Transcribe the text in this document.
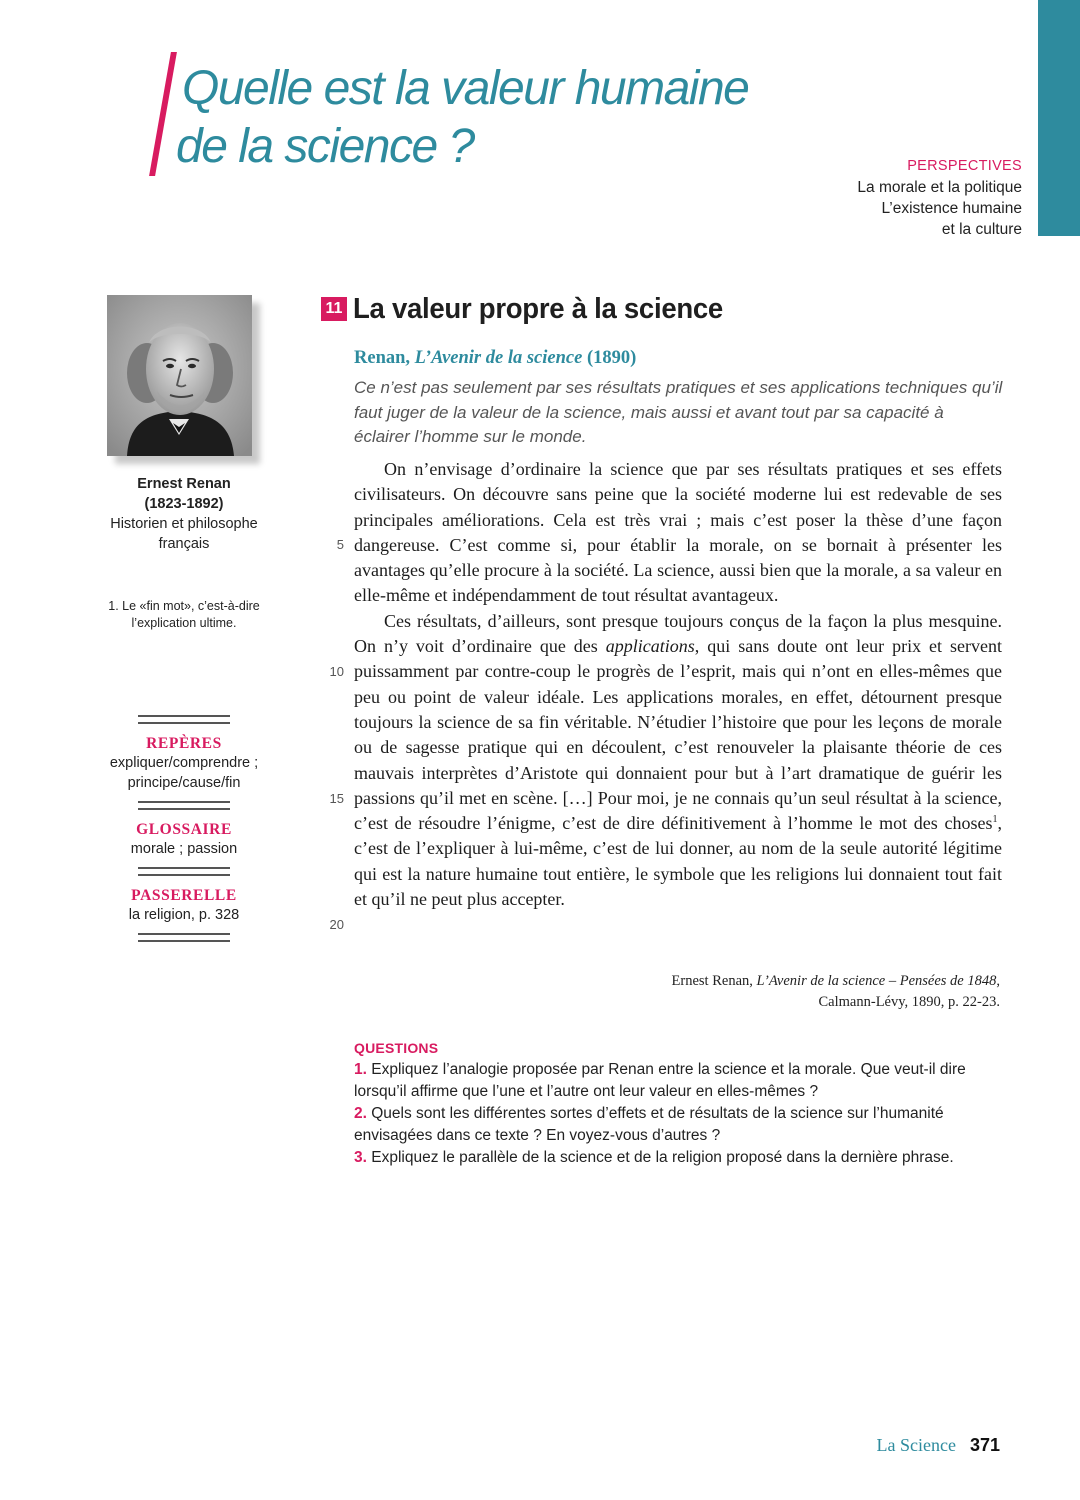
Quelle est la valeur humaine
de la science ?	PERSPECTIVES
La morale et la politique
L’existence humaine
et la culture
Ernest Renan
(1823-1892)
Historien et philosophe
français
1. Le «fin mot», c’est-à-dire l’explication ultime.
REPÈRES
expliquer/comprendre ;
principe/cause/fin
GLOSSAIRE
morale ; passion
PASSERELLE
la religion, p. 328
11 La valeur propre à la science
Renan, L’Avenir de la science (1890)
Ce n’est pas seulement par ses résultats pratiques et ses applications techniques qu’il faut juger de la valeur de la science, mais aussi et avant tout par sa capacité à éclairer l’homme sur le monde.
5
10
15
20

On n’envisage d’ordinaire la science que par ses résultats pratiques et ses effets civilisateurs. On découvre sans peine que la société moderne lui est redevable de ses principales améliorations. Cela est très vrai ; mais c’est poser la thèse d’une façon dangereuse. C’est comme si, pour établir la morale, on se bornait à présenter les avantages qu’elle procure à la société. La science, aussi bien que la morale, a sa valeur en elle-même et indépendamment de tout résultat avantageux.

Ces résultats, d’ailleurs, sont presque toujours conçus de la façon la plus mesquine. On n’y voit d’ordinaire que des applications, qui sans doute ont leur prix et servent puissamment par contre-coup le progrès de l’esprit, mais qui n’ont en elles-mêmes que peu ou point de valeur idéale. Les applications morales, en effet, détournent presque toujours la science de sa fin véritable. N’étudier l’histoire que pour les leçons de morale ou de sagesse pratique qui en découlent, c’est renouveler la plaisante théorie de ces mauvais interprètes d’Aristote qui donnaient pour but à l’art dramatique de guérir les passions qu’il met en scène. […] Pour moi, je ne connais qu’un seul résultat à la science, c’est de résoudre l’énigme, c’est de dire définitivement à l’homme le mot des choses$^1$, c’est de l’expliquer à lui-même, c’est de lui donner, au nom de la seule autorité légitime qui est la nature humaine tout entière, le symbole que les religions lui donnaient tout fait et qu’il ne peut plus accepter.

Ernest Renan, L’Avenir de la science – Pensées de 1848,
Calmann-Lévy, 1890, p. 22-23.
QUESTIONS
1. Expliquez l’analogie proposée par Renan entre la science et la morale. Que veut-il dire lorsqu’il affirme que l’une et l’autre ont leur valeur en elles-mêmes ?
2. Quels sont les différentes sortes d’effets et de résultats de la science sur l’humanité envisagées dans ce texte ? En voyez-vous d’autres ?
3. Expliquez le parallèle de la science et de la religion proposé dans la dernière phrase.
La Science 371
